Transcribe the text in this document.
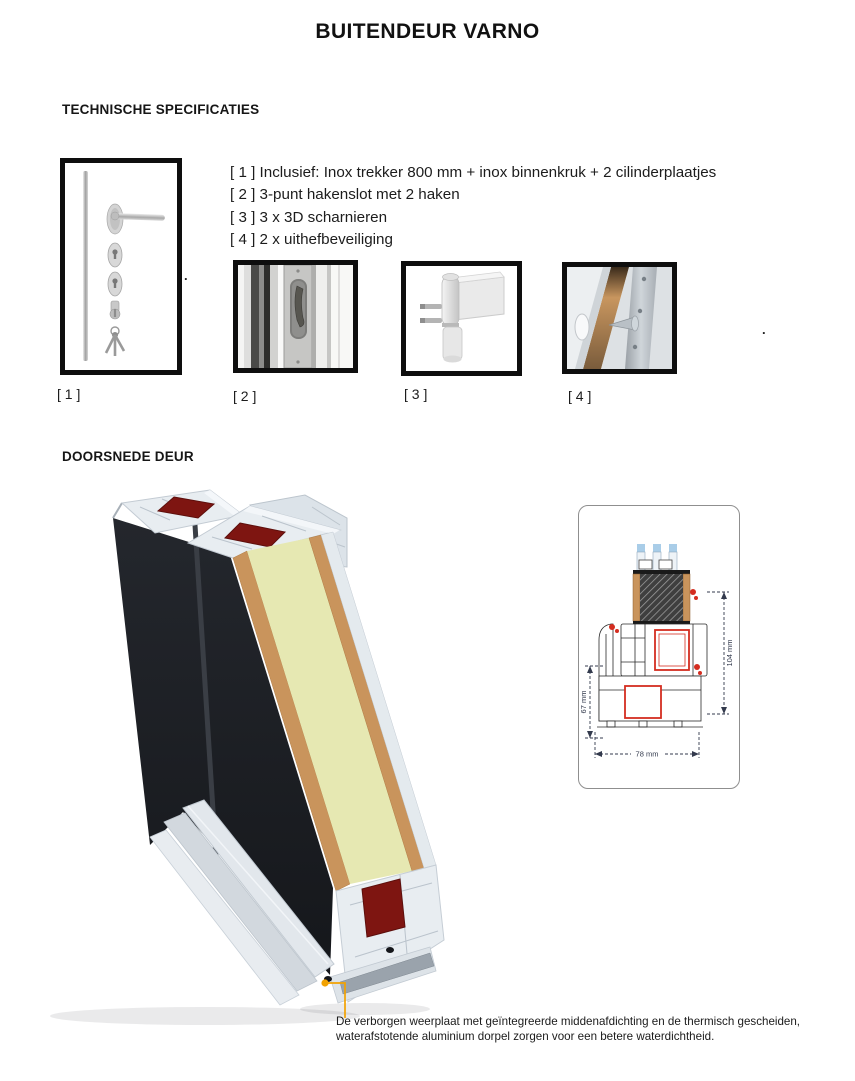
BUITENDEUR VARNO
TECHNISCHE SPECIFICATIES
.
.
[ 1 ] Inclusief: Inox trekker 800 mm + inox binnenkruk + 2 cilinderplaatjes
[ 2 ] 3-punt hakenslot met 2 haken
[ 3 ] 3 x 3D scharnieren
[ 4 ] 2 x uithefbeveiliging
[ 1 ]	[ 2 ]	[ 3 ]	[ 4 ]
DOORSNEDE DEUR
104 mm
67 mm
78 mm
De verborgen weerplaat met geïntegreerde middenafdichting en de thermisch gescheiden, waterafstotende aluminium dorpel zorgen voor een betere waterdichtheid.
